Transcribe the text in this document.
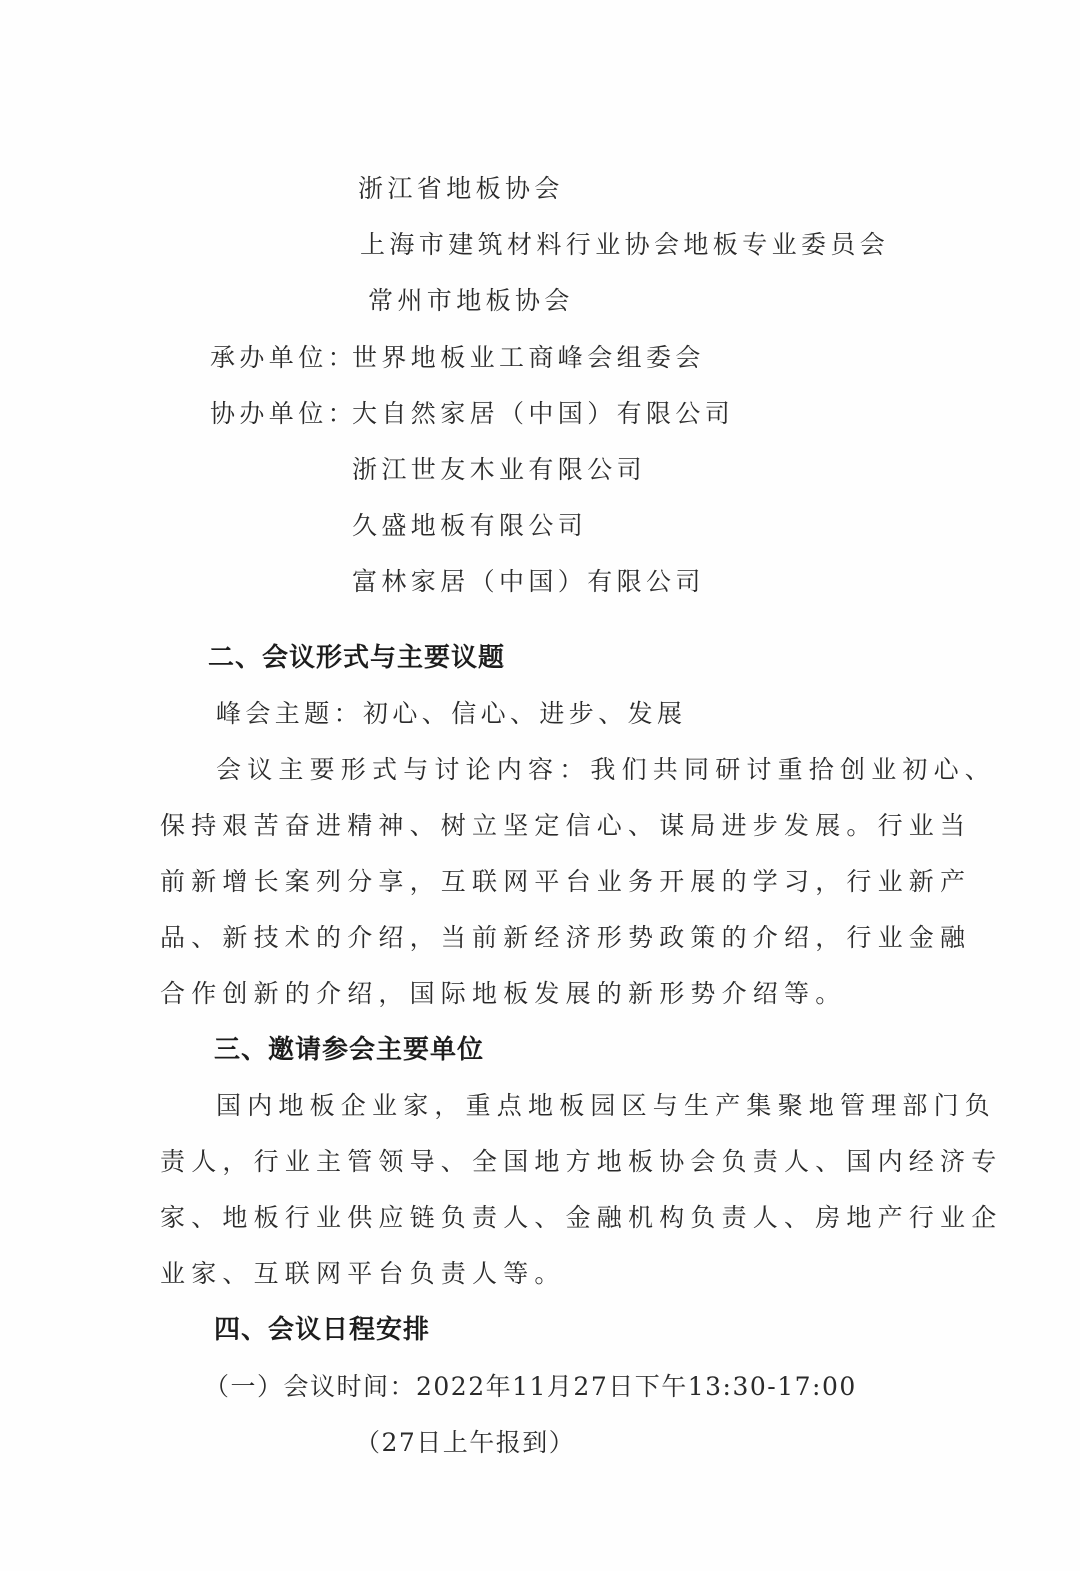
浙江省地板协会
上海市建筑材料行业协会地板专业委员会
常州市地板协会
承办单位：
世界地板业工商峰会组委会
协办单位：
大自然家居（中国）有限公司
浙江世友木业有限公司
久盛地板有限公司
富林家居（中国）有限公司
二、会议形式与主要议题
峰会主题：初心、信心、进步、发展
会议主要形式与讨论内容：我们共同研讨重拾创业初心、
保持艰苦奋进精神、树立坚定信心、谋局进步发展。行业当
前新增长案列分享，互联网平台业务开展的学习，行业新产
品、新技术的介绍，当前新经济形势政策的介绍，行业金融
合作创新的介绍，国际地板发展的新形势介绍等。
三、邀请参会主要单位
国内地板企业家，重点地板园区与生产集聚地管理部门负
责人，行业主管领导、全国地方地板协会负责人、国内经济专
家、地板行业供应链负责人、金融机构负责人、房地产行业企
业家、互联网平台负责人等。
四、会议日程安排
（一）会议时间：2022年11月27日下午13:30-17:00
（27日上午报到）
